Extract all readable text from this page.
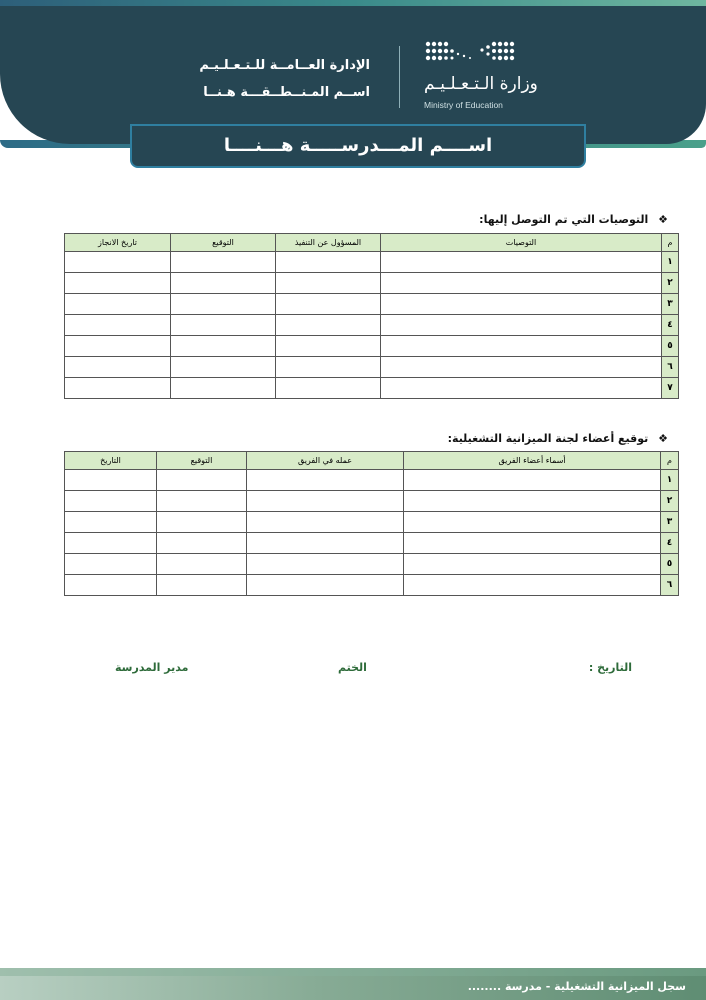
الإدارة العــامــة للـتـعـلـيـم
اســم المـنــطــقـــة هـنــا	وزارة الـتـعـلـيـم
Ministry of Education
اســــم المـــدرســـــة هـــنــــا
❖ التوصيات التي تم التوصل إليها:
م	التوصيات	المسؤول عن التنفيذ	التوقيع	تاريخ الانجاز
١				
٢				
٣				
٤				
٥				
٦				
٧				
❖ توقيع أعضاء لجنة الميزانية التشغيلية:
م	أسماء أعضاء الفريق	عمله في الفريق	التوقيع	التاريخ
١				
٢				
٣				
٤				
٥				
٦				
التاريخ :
الختم
مدير المدرسة
سجل الميزانية التشغيلية - مدرسة ........
